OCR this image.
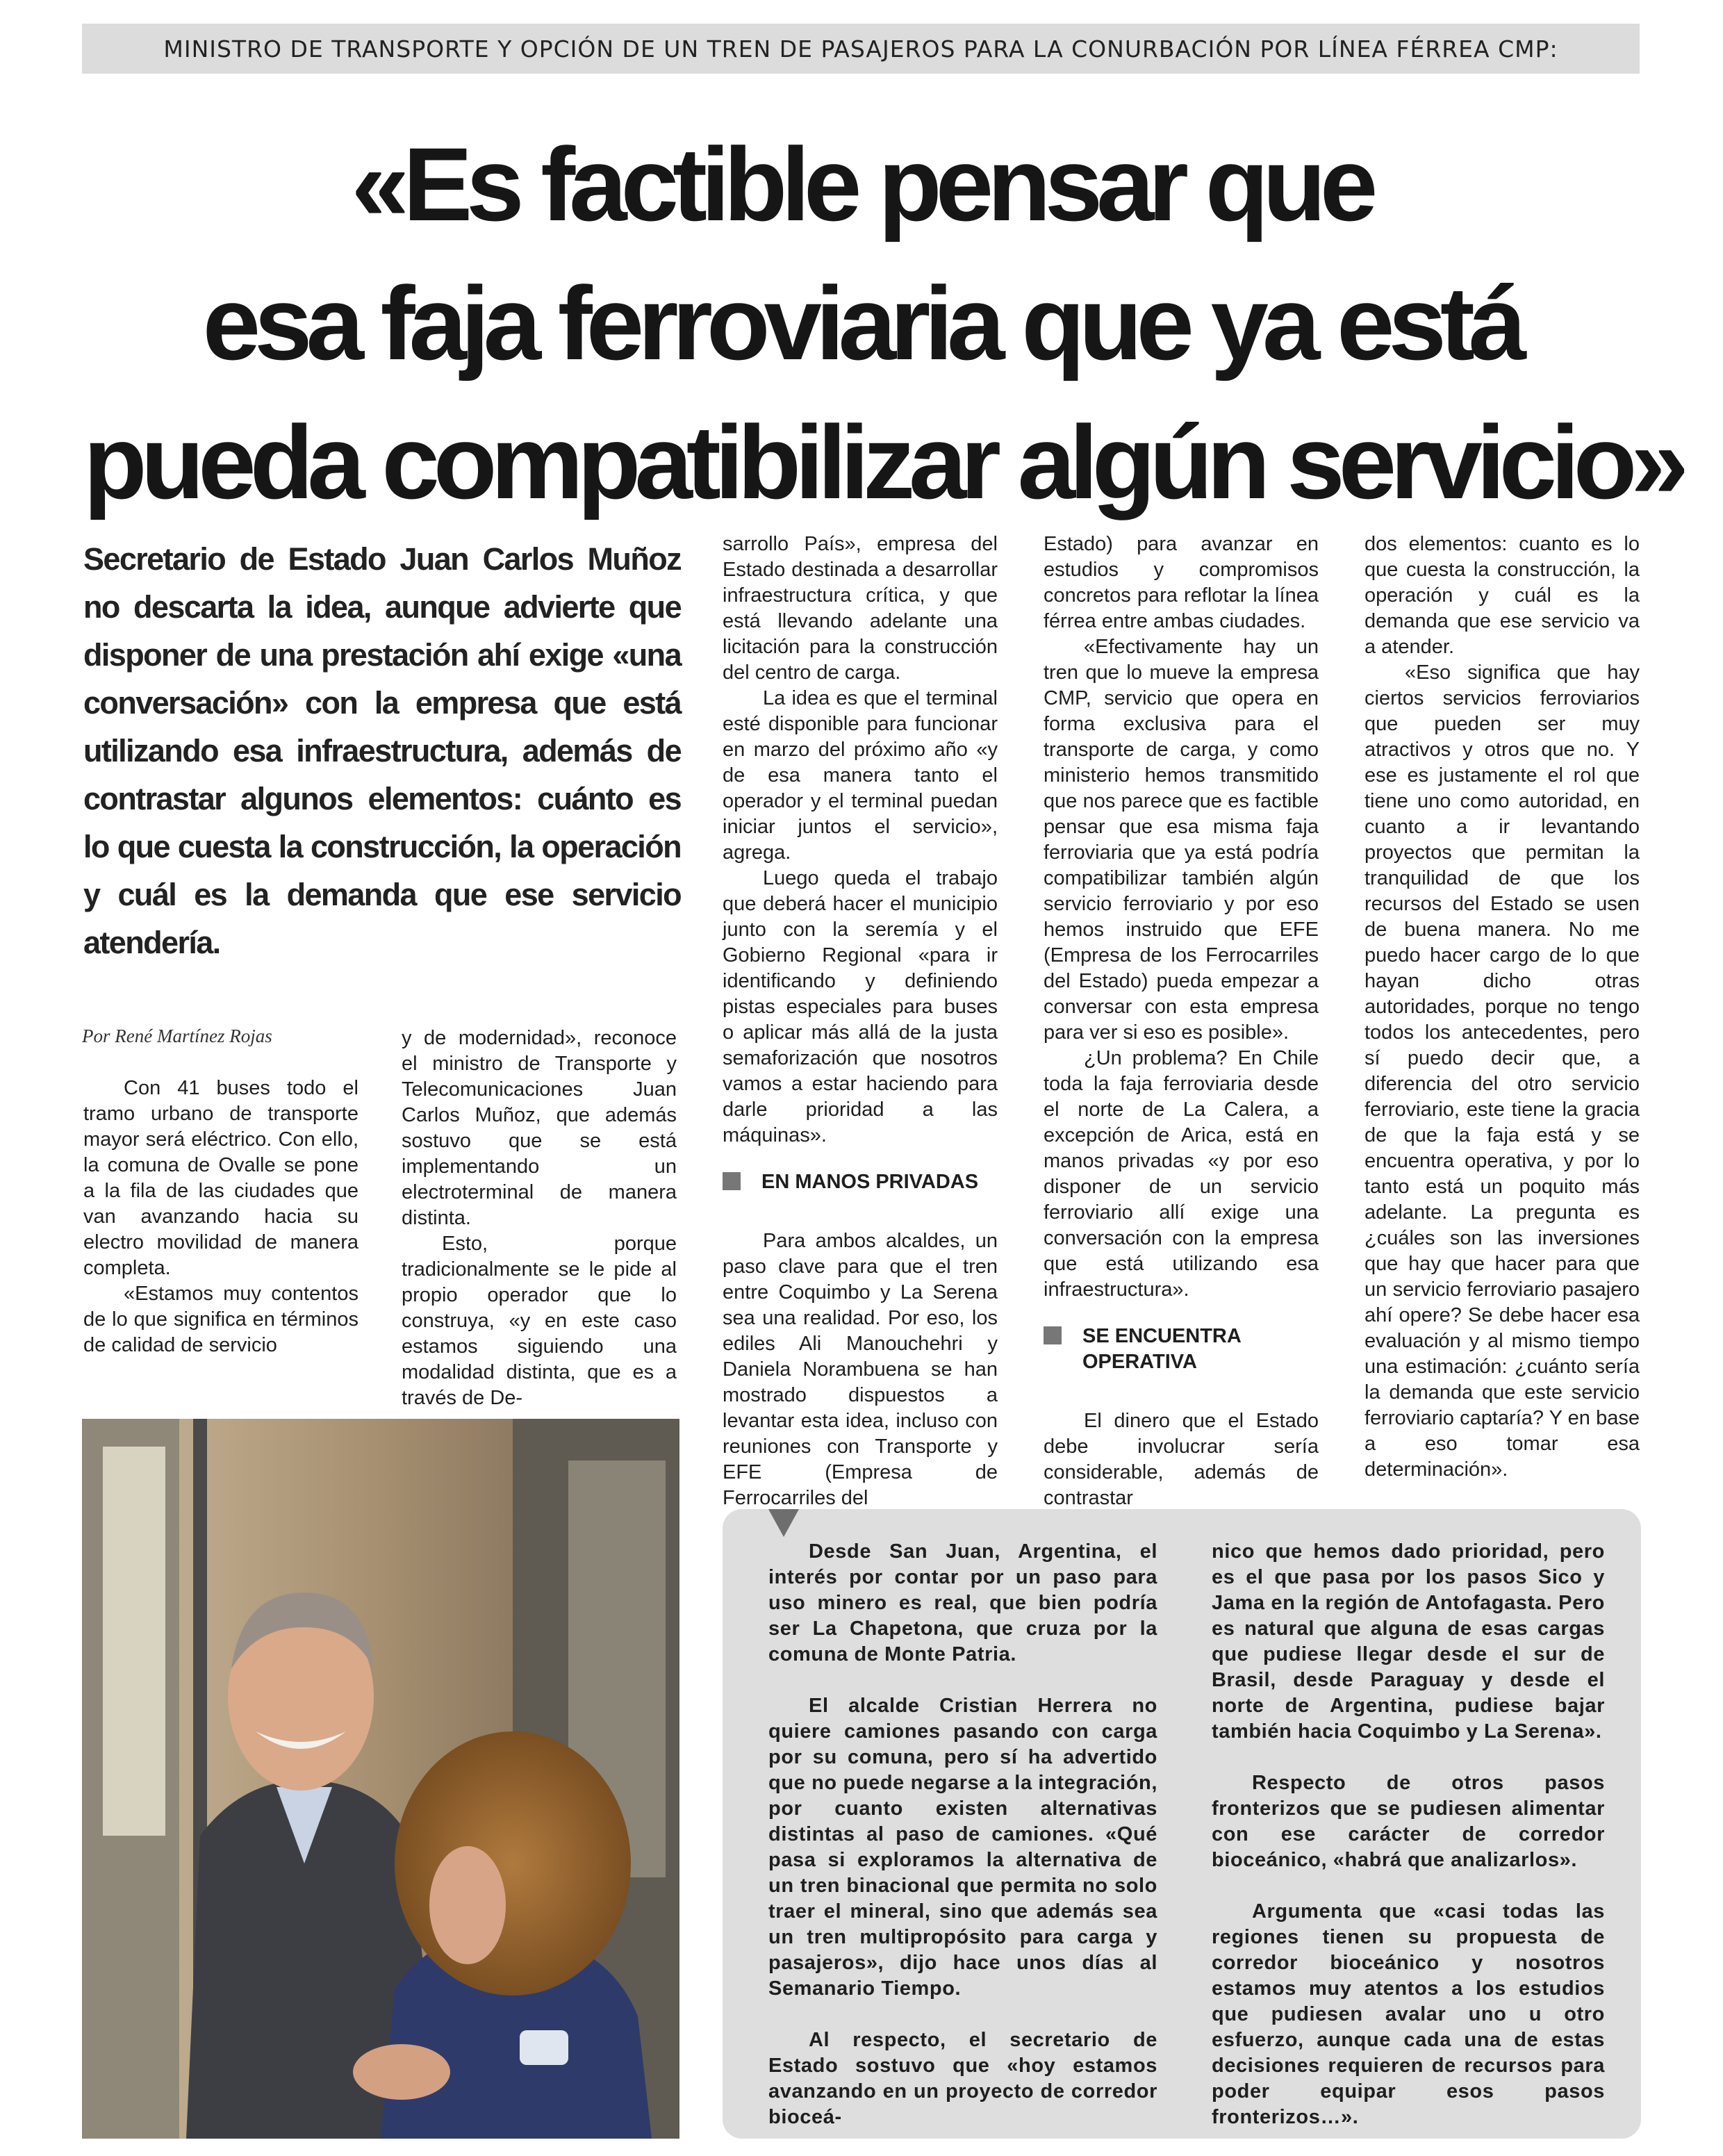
MINISTRO DE TRANSPORTE Y OPCIÓN DE UN TREN DE PASAJEROS PARA LA CONURBACIÓN POR LÍNEA FÉRREA CMP:
«Es factible pensar que
esa faja ferroviaria que ya está
pueda compatibilizar algún servicio»

Secretario de Estado Juan Carlos Muñoz no descarta la idea, aunque advierte que disponer de una prestación ahí exige «una conversación» con la empresa que está utilizando esa infraestructura, además de contrastar algunos elementos: cuánto es lo que cuesta la construcción, la operación y cuál es la demanda que ese servicio atendería.

Por René Martínez Rojas

Con 41 buses todo el tramo urbano de transporte mayor será eléctrico. Con ello, la comuna de Ovalle se pone a la fila de las ciudades que van avanzando hacia su electro movilidad de manera completa.

«Estamos muy contentos de lo que significa en términos de calidad de servicio

y de modernidad», reconoce el ministro de Transporte y Telecomunicaciones Juan Carlos Muñoz, que además sostuvo que se está implementando un electroterminal de manera distinta.

Esto, porque tradicionalmente se le pide al propio operador que lo construya, «y en este caso estamos siguiendo una modalidad distinta, que es a través de De-

sarrollo País», empresa del Estado destinada a desarrollar infraestructura crítica, y que está llevando adelante una licitación para la construcción del centro de carga.

La idea es que el terminal esté disponible para funcionar en marzo del próximo año «y de esa manera tanto el operador y el terminal puedan iniciar juntos el servicio», agrega.

Luego queda el trabajo que deberá hacer el municipio junto con la seremía y el Gobierno Regional «para ir identificando y definiendo pistas especiales para buses o aplicar más allá de la justa semaforización que nosotros vamos a estar haciendo para darle prioridad a las máquinas».

EN MANOS PRIVADAS

Para ambos alcaldes, un paso clave para que el tren entre Coquimbo y La Serena sea una realidad. Por eso, los ediles Ali Manouchehri y Daniela Norambuena se han mostrado dispuestos a levantar esta idea, incluso con reuniones con Transporte y EFE (Empresa de Ferrocarriles del

Estado) para avanzar en estudios y compromisos concretos para reflotar la línea férrea entre ambas ciudades.

«Efectivamente hay un tren que lo mueve la empresa CMP, servicio que opera en forma exclusiva para el transporte de carga, y como ministerio hemos transmitido que nos parece que es factible pensar que esa misma faja ferroviaria que ya está podría compatibilizar también algún servicio ferroviario y por eso hemos instruido que EFE (Empresa de los Ferrocarriles del Estado) pueda empezar a conversar con esta empresa para ver si eso es posible».

¿Un problema? En Chile toda la faja ferroviaria desde el norte de La Calera, a excepción de Arica, está en manos privadas «y por eso disponer de un servicio ferroviario allí exige una conversación con la empresa que está utilizando esa infraestructura».

SE ENCUENTRA OPERATIVA

El dinero que el Estado debe involucrar sería considerable, además de contrastar

dos elementos: cuanto es lo que cuesta la construcción, la operación y cuál es la demanda que ese servicio va a atender.

«Eso significa que hay ciertos servicios ferroviarios que pueden ser muy atractivos y otros que no. Y ese es justamente el rol que tiene uno como autoridad, en cuanto a ir levantando proyectos que permitan la tranquilidad de que los recursos del Estado se usen de buena manera. No me puedo hacer cargo de lo que hayan dicho otras autoridades, porque no tengo todos los antecedentes, pero sí puedo decir que, a diferencia del otro servicio ferroviario, este tiene la gracia de que la faja está y se encuentra operativa, y por lo tanto está un poquito más adelante. La pregunta es ¿cuáles son las inversiones que hay que hacer para que un servicio ferroviario pasajero ahí opere? Se debe hacer esa evaluación y al mismo tiempo una estimación: ¿cuánto sería la demanda que este servicio ferroviario captaría? Y en base a eso tomar esa determinación».

Desde San Juan, Argentina, el interés por contar por un paso para uso minero es real, que bien podría ser La Chapetona, que cruza por la comuna de Monte Patria.

El alcalde Cristian Herrera no quiere camiones pasando con carga por su comuna, pero sí ha advertido que no puede negarse a la integración, por cuanto existen alternativas distintas al paso de camiones. «Qué pasa si exploramos la alternativa de un tren binacional que permita no solo traer el mineral, sino que además sea un tren multipropósito para carga y pasajeros», dijo hace unos días al Semanario Tiempo.

Al respecto, el secretario de Estado sostuvo que «hoy estamos avanzando en un proyecto de corredor bioceá-

nico que hemos dado prioridad, pero es el que pasa por los pasos Sico y Jama en la región de Antofagasta. Pero es natural que alguna de esas cargas que pudiese llegar desde el sur de Brasil, desde Paraguay y desde el norte de Argentina, pudiese bajar también hacia Coquimbo y La Serena».

Respecto de otros pasos fronterizos que se pudiesen alimentar con ese carácter de corredor bioceánico, «habrá que analizarlos».

Argumenta que «casi todas las regiones tienen su propuesta de corredor bioceánico y nosotros estamos muy atentos a los estudios que pudiesen avalar uno u otro esfuerzo, aunque cada una de estas decisiones requieren de recursos para poder equipar esos pasos fronterizos…».
